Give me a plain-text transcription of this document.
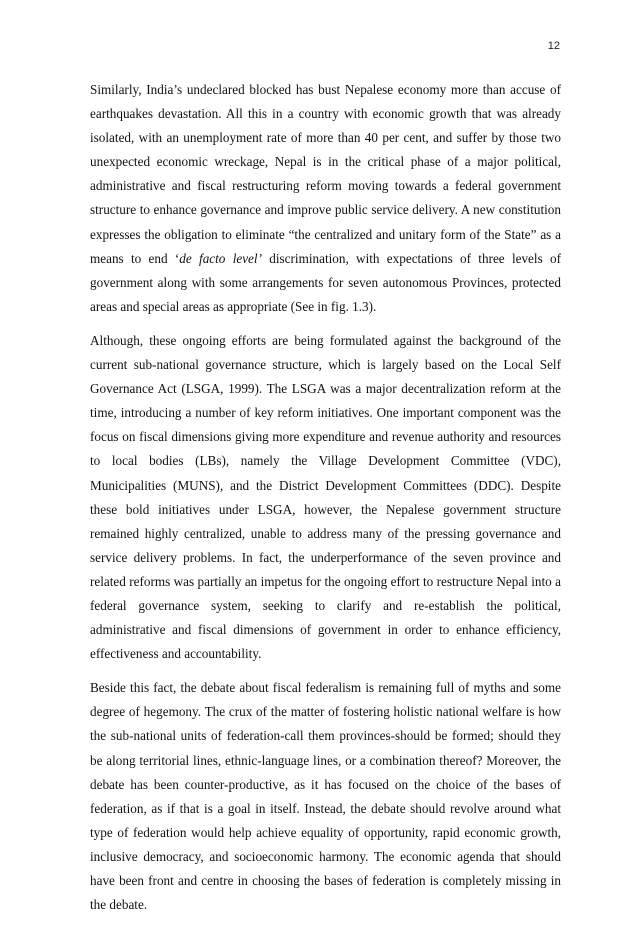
12

Similarly, India’s undeclared blocked has bust Nepalese economy more than accuse of earthquakes devastation. All this in a country with economic growth that was already isolated, with an unemployment rate of more than 40 per cent, and suffer by those two unexpected economic wreckage, Nepal is in the critical phase of a major political, administrative and fiscal restructuring reform moving towards a federal government structure to enhance governance and improve public service delivery. A new constitution expresses the obligation to eliminate “the centralized and unitary form of the State” as a means to end ‘de facto level’ discrimination, with expectations of three levels of government along with some arrangements for seven autonomous Provinces, protected areas and special areas as appropriate (See in fig. 1.3).

Although, these ongoing efforts are being formulated against the background of the current sub-national governance structure, which is largely based on the Local Self Governance Act (LSGA, 1999). The LSGA was a major decentralization reform at the time, introducing a number of key reform initiatives. One important component was the focus on fiscal dimensions giving more expenditure and revenue authority and resources to local bodies (LBs), namely the Village Development Committee (VDC), Municipalities (MUNS), and the District Development Committees (DDC). Despite these bold initiatives under LSGA, however, the Nepalese government structure remained highly centralized, unable to address many of the pressing governance and service delivery problems. In fact, the underperformance of the seven province and related reforms was partially an impetus for the ongoing effort to restructure Nepal into a federal governance system, seeking to clarify and re-establish the political, administrative and fiscal dimensions of government in order to enhance efficiency, effectiveness and accountability.

Beside this fact, the debate about fiscal federalism is remaining full of myths and some degree of hegemony. The crux of the matter of fostering holistic national welfare is how the sub-national units of federation-call them provinces-should be formed; should they be along territorial lines, ethnic-language lines, or a combination thereof? Moreover, the debate has been counter-productive, as it has focused on the choice of the bases of federation, as if that is a goal in itself. Instead, the debate should revolve around what type of federation would help achieve equality of opportunity, rapid economic growth, inclusive democracy, and socioeconomic harmony. The economic agenda that should have been front and centre in choosing the bases of federation is completely missing in the debate.
